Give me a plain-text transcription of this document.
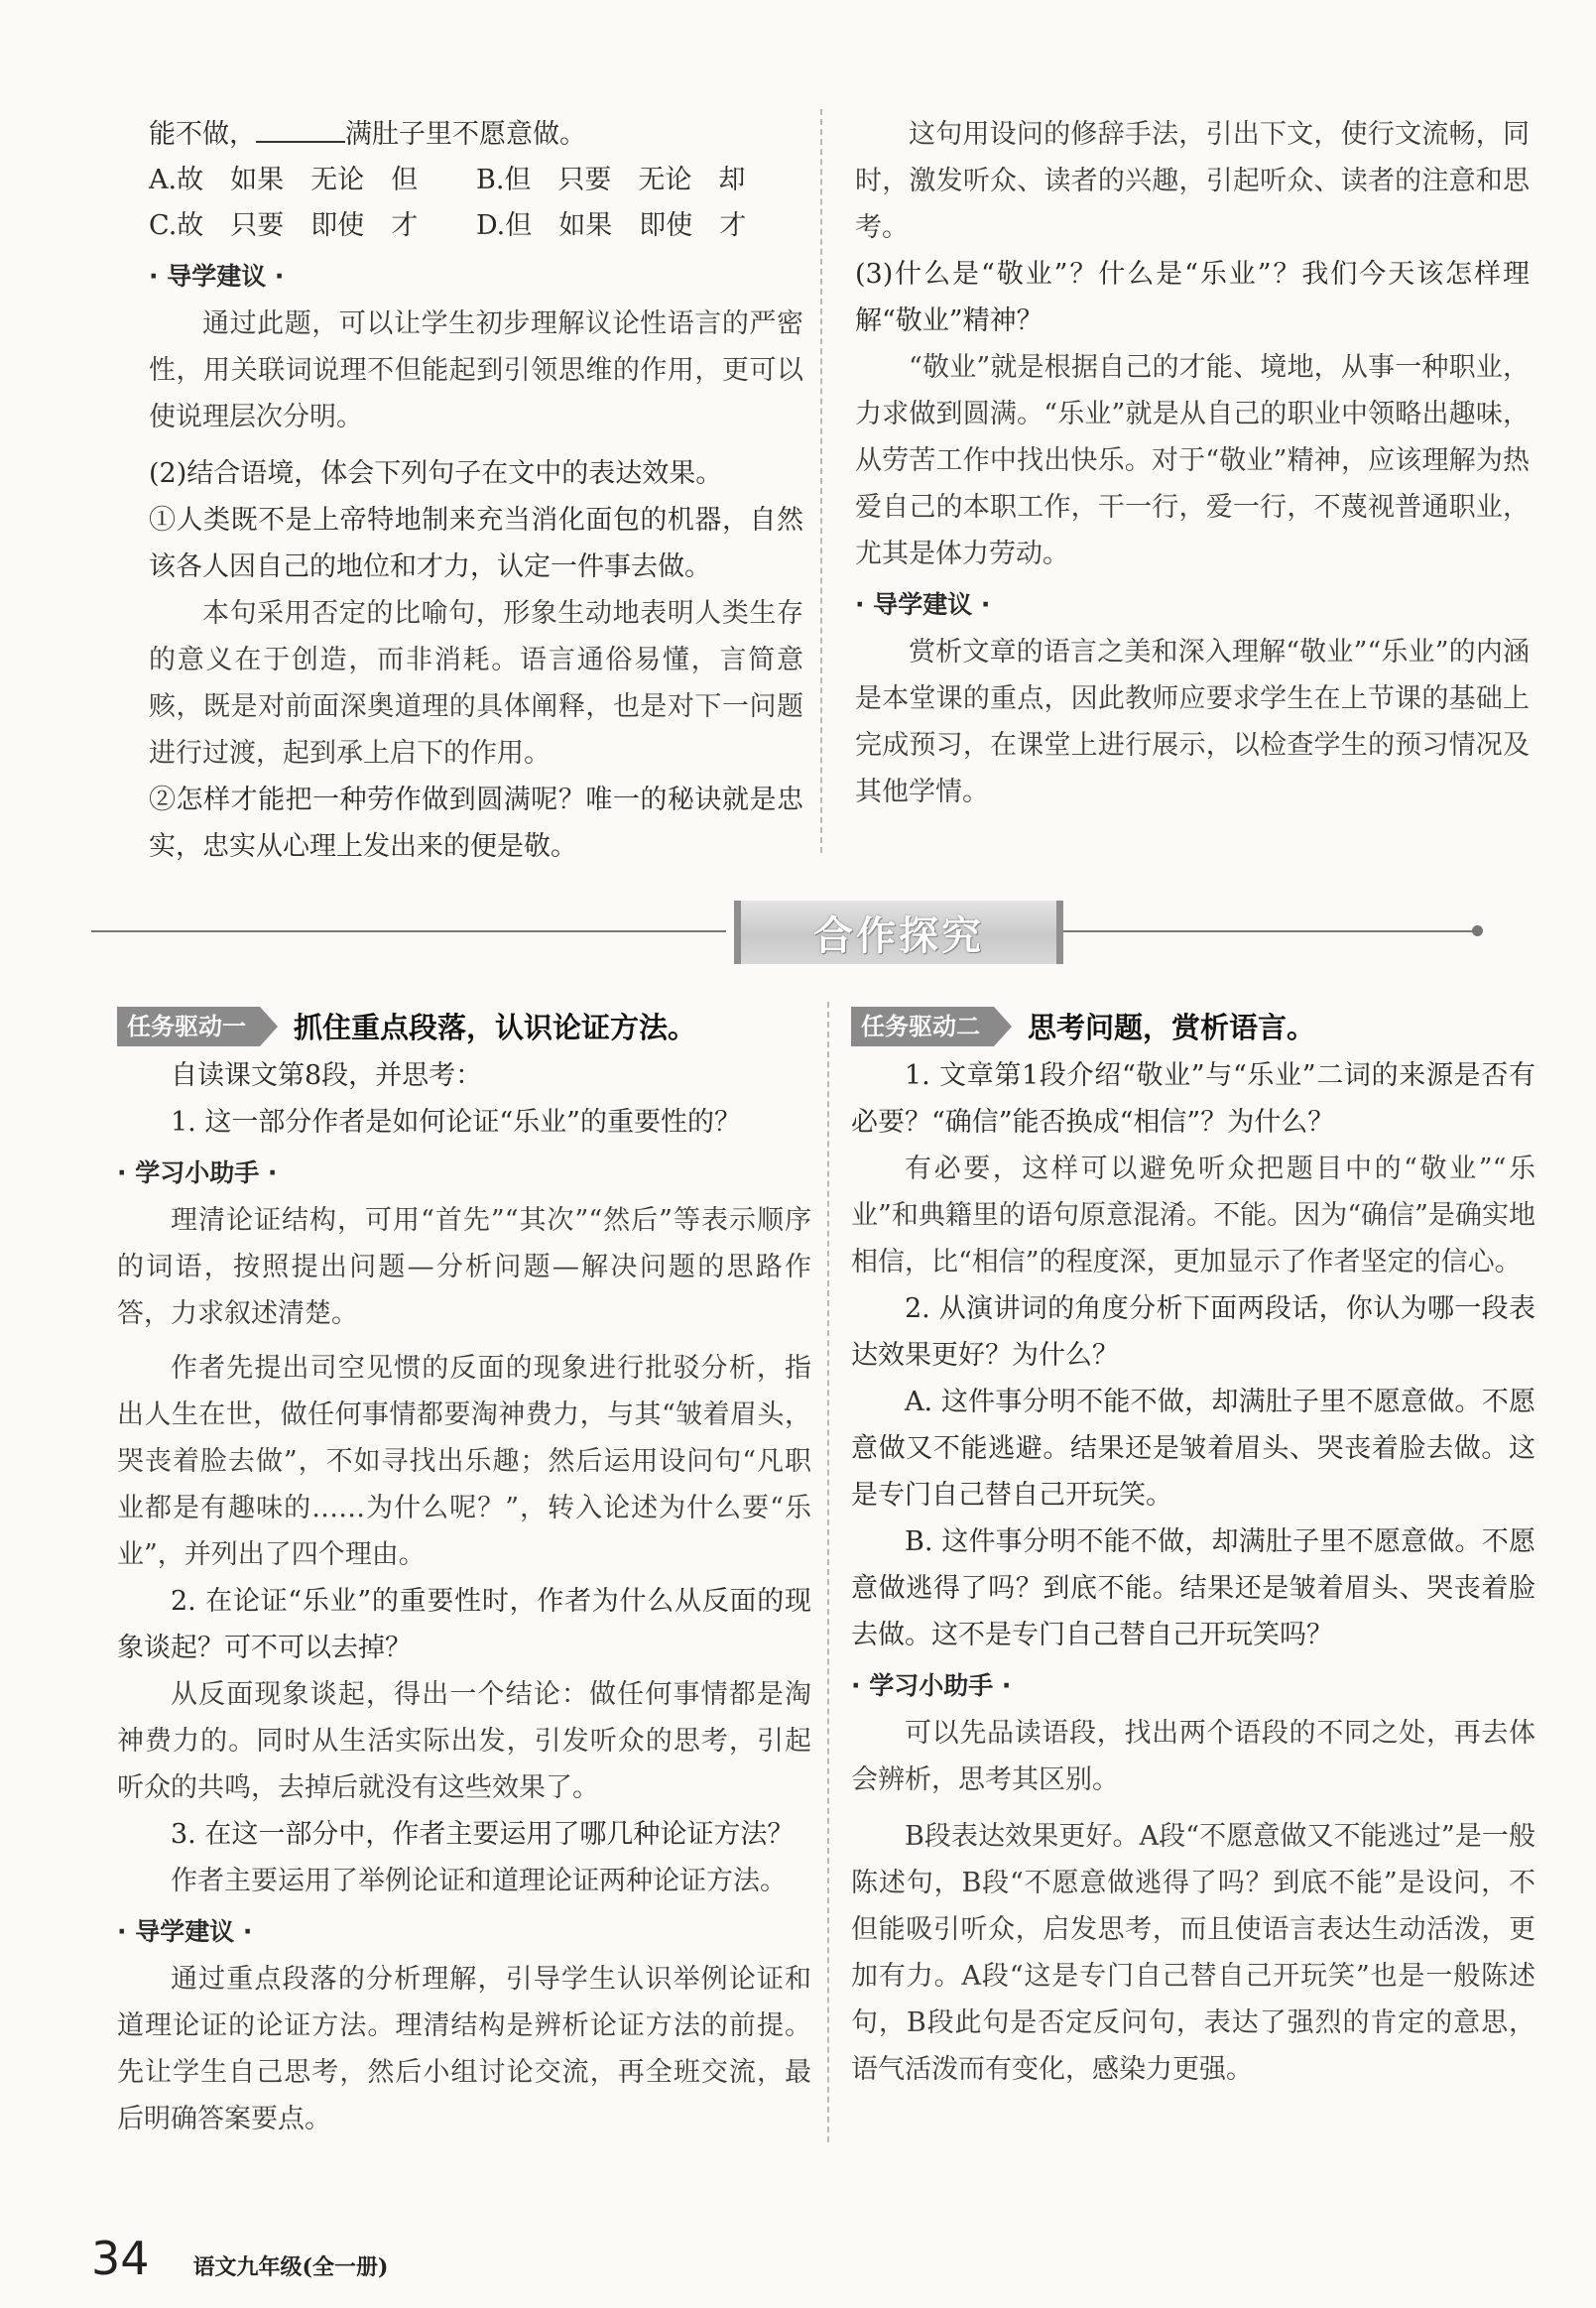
能不做，	满肚子里不愿意做。

A.故　如果　无论　但	B.但　只要　无论　却
C.故　只要　即使　才	D.但　如果　即使　才
· 导学建议 ·

通过此题，可以让学生初步理解议论性语言的严密性，用关联词说理不但能起到引领思维的作用，更可以使说理层次分明。

(2)结合语境，体会下列句子在文中的表达效果。

①人类既不是上帝特地制来充当消化面包的机器，自然该各人因自己的地位和才力，认定一件事去做。

本句采用否定的比喻句，形象生动地表明人类生存的意义在于创造，而非消耗。语言通俗易懂，言简意赅，既是对前面深奥道理的具体阐释，也是对下一问题进行过渡，起到承上启下的作用。

②怎样才能把一种劳作做到圆满呢？唯一的秘诀就是忠实，忠实从心理上发出来的便是敬。

这句用设问的修辞手法，引出下文，使行文流畅，同时，激发听众、读者的兴趣，引起听众、读者的注意和思考。

(3)什么是“敬业”？什么是“乐业”？我们今天该怎样理解“敬业”精神？

“敬业”就是根据自己的才能、境地，从事一种职业，力求做到圆满。“乐业”就是从自己的职业中领略出趣味，从劳苦工作中找出快乐。对于“敬业”精神，应该理解为热爱自己的本职工作，干一行，爱一行，不蔑视普通职业，尤其是体力劳动。

· 导学建议 ·

赏析文章的语言之美和深入理解“敬业”“乐业”的内涵是本堂课的重点，因此教师应要求学生在上节课的基础上完成预习，在课堂上进行展示，以检查学生的预习情况及其他学情。

合作探究
任务驱动一	抓住重点段落，认识论证方法。

自读课文第8段，并思考：

1. 这一部分作者是如何论证“乐业”的重要性的？

· 学习小助手 ·

理清论证结构，可用“首先”“其次”“然后”等表示顺序的词语，按照提出问题—分析问题—解决问题的思路作答，力求叙述清楚。

作者先提出司空见惯的反面的现象进行批驳分析，指出人生在世，做任何事情都要淘神费力，与其“皱着眉头，哭丧着脸去做”，不如寻找出乐趣；然后运用设问句“凡职业都是有趣味的……为什么呢？”，转入论述为什么要“乐业”，并列出了四个理由。

2. 在论证“乐业”的重要性时，作者为什么从反面的现象谈起？可不可以去掉？

从反面现象谈起，得出一个结论：做任何事情都是淘神费力的。同时从生活实际出发，引发听众的思考，引起听众的共鸣，去掉后就没有这些效果了。

3. 在这一部分中，作者主要运用了哪几种论证方法？

作者主要运用了举例论证和道理论证两种论证方法。

· 导学建议 ·

通过重点段落的分析理解，引导学生认识举例论证和道理论证的论证方法。理清结构是辨析论证方法的前提。先让学生自己思考，然后小组讨论交流，再全班交流，最后明确答案要点。

任务驱动二	思考问题，赏析语言。

1. 文章第1段介绍“敬业”与“乐业”二词的来源是否有必要？“确信”能否换成“相信”？为什么？

有必要，这样可以避免听众把题目中的“敬业”“乐业”和典籍里的语句原意混淆。不能。因为“确信”是确实地相信，比“相信”的程度深，更加显示了作者坚定的信心。

2. 从演讲词的角度分析下面两段话，你认为哪一段表达效果更好？为什么？

A. 这件事分明不能不做，却满肚子里不愿意做。不愿意做又不能逃避。结果还是皱着眉头、哭丧着脸去做。这是专门自己替自己开玩笑。

B. 这件事分明不能不做，却满肚子里不愿意做。不愿意做逃得了吗？到底不能。结果还是皱着眉头、哭丧着脸去做。这不是专门自己替自己开玩笑吗？

· 学习小助手 ·

可以先品读语段，找出两个语段的不同之处，再去体会辨析，思考其区别。

B段表达效果更好。A段“不愿意做又不能逃过”是一般陈述句，B段“不愿意做逃得了吗？到底不能”是设问，不但能吸引听众，启发思考，而且使语言表达生动活泼，更加有力。A段“这是专门自己替自己开玩笑”也是一般陈述句，B段此句是否定反问句，表达了强烈的肯定的意思，语气活泼而有变化，感染力更强。

34 语文九年级(全一册)
